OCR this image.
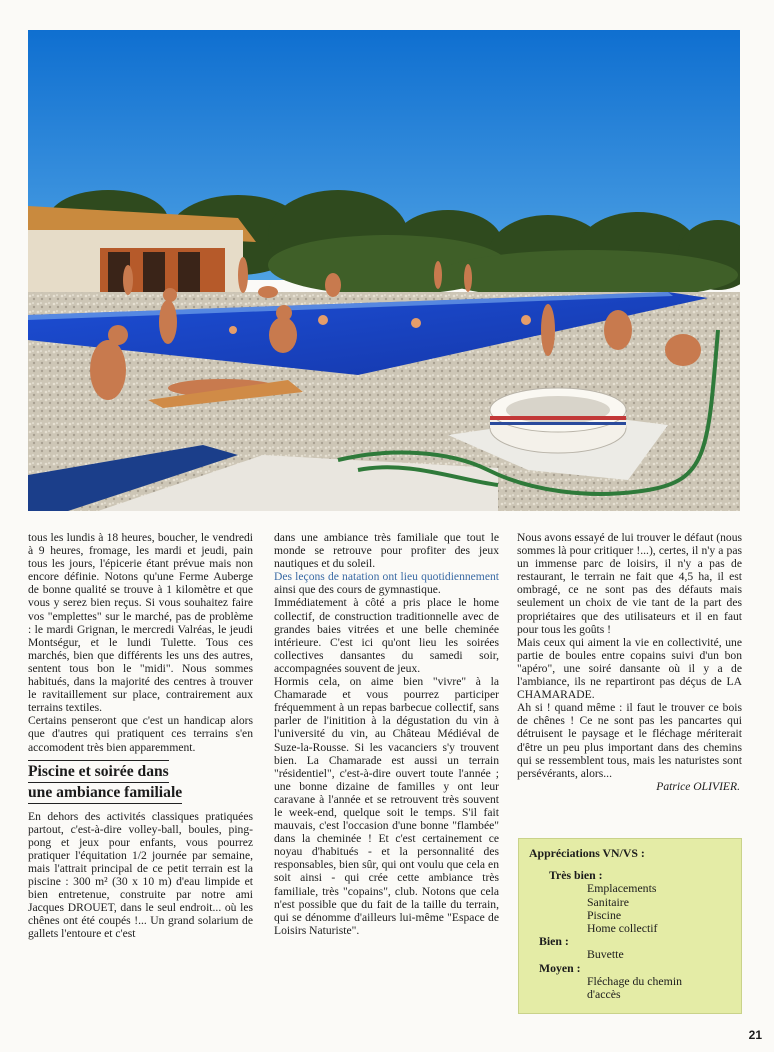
tous les lundis à 18 heures, boucher, le vendredi à 9 heures, fromage, les mardi et jeudi, pain tous les jours, l'épicerie étant prévue mais non encore définie. Notons qu'une Ferme Auberge de bonne qualité se trouve à 1 kilomètre et que vous y serez bien reçus. Si vous souhaitez faire vos "emplettes" sur le marché, pas de problème : le mardi Grignan, le mercredi Valréas, le jeudi Montségur, et le lundi Tulette. Tous ces marchés, bien que différents les uns des autres, sentent tous bon le "midi". Nous sommes habitués, dans la majorité des centres à trouver le ravitaillement sur place, contrairement aux terrains textiles.

Certains penseront que c'est un handicap alors que d'autres qui pratiquent ces terrains s'en accomodent très bien apparemment.

Piscine et soirée dans
une ambiance familiale

En dehors des activités classiques pratiquées partout, c'est-à-dire volley-ball, boules, ping-pong et jeux pour enfants, vous pourrez pratiquer l'équitation 1/2 journée par semaine, mais l'attrait principal de ce petit terrain est la piscine : 300 m² (30 x 10 m) d'eau limpide et bien entretenue, construite par notre ami Jacques DROUET, dans le seul endroit... où les chênes ont été coupés !... Un grand solarium de gallets l'entoure et c'est

dans une ambiance très familiale que tout le monde se retrouve pour profiter des jeux nautiques et du soleil.

Des leçons de natation ont lieu quotidiennement ainsi que des cours de gymnastique.

Immédiatement à côté a pris place le home collectif, de construction traditionnelle avec de grandes baies vitrées et une belle cheminée intérieure. C'est ici qu'ont lieu les soirées collectives dansantes du samedi soir, accompagnées souvent de jeux.

Hormis cela, on aime bien "vivre" à la Chamarade et vous pourrez participer fréquemment à un repas barbecue collectif, sans parler de l'initition à la dégustation du vin à l'université du vin, au Château Médiéval de Suze-la-Rousse. Si les vacanciers s'y trouvent bien. La Chamarade est aussi un terrain "résidentiel", c'est-à-dire ouvert toute l'année ; une bonne dizaine de familles y ont leur caravane à l'année et se retrouvent très souvent le week-end, quelque soit le temps. S'il fait mauvais, c'est l'occasion d'une bonne "flambée" dans la cheminée ! Et c'est certainement ce noyau d'habitués - et la personnalité des responsables, bien sûr, qui ont voulu que cela en soit ainsi - qui crée cette ambiance très familiale, très "copains", club. Notons que cela n'est possible que du fait de la taille du terrain, qui se dénomme d'ailleurs lui-même "Espace de Loisirs Naturiste".

Nous avons essayé de lui trouver le défaut (nous sommes là pour critiquer !...), certes, il n'y a pas un immense parc de loisirs, il n'y a pas de restaurant, le terrain ne fait que 4,5 ha, il est ombragé, ce ne sont pas des défauts mais seulement un choix de vie tant de la part des propriétaires que des utilisateurs et il en faut pour tous les goûts !

Mais ceux qui aiment la vie en collectivité, une partie de boules entre copains suivi d'un bon "apéro", une soiré dansante où il y a de l'ambiance, ils ne repartiront pas déçus de LA CHAMARADE.

Ah si ! quand même : il faut le trouver ce bois de chênes ! Ce ne sont pas les pancartes qui détruisent le paysage et le fléchage mériterait d'être un peu plus important dans des chemins qui se ressemblent tous, mais les naturistes sont persévérants, alors...

Patrice OLIVIER.

Appréciations VN/VS :
Très bien :
Emplacements
Sanitaire
Piscine
Home collectif
Bien :
Buvette
Moyen :
Fléchage du chemin
d'accès
21
